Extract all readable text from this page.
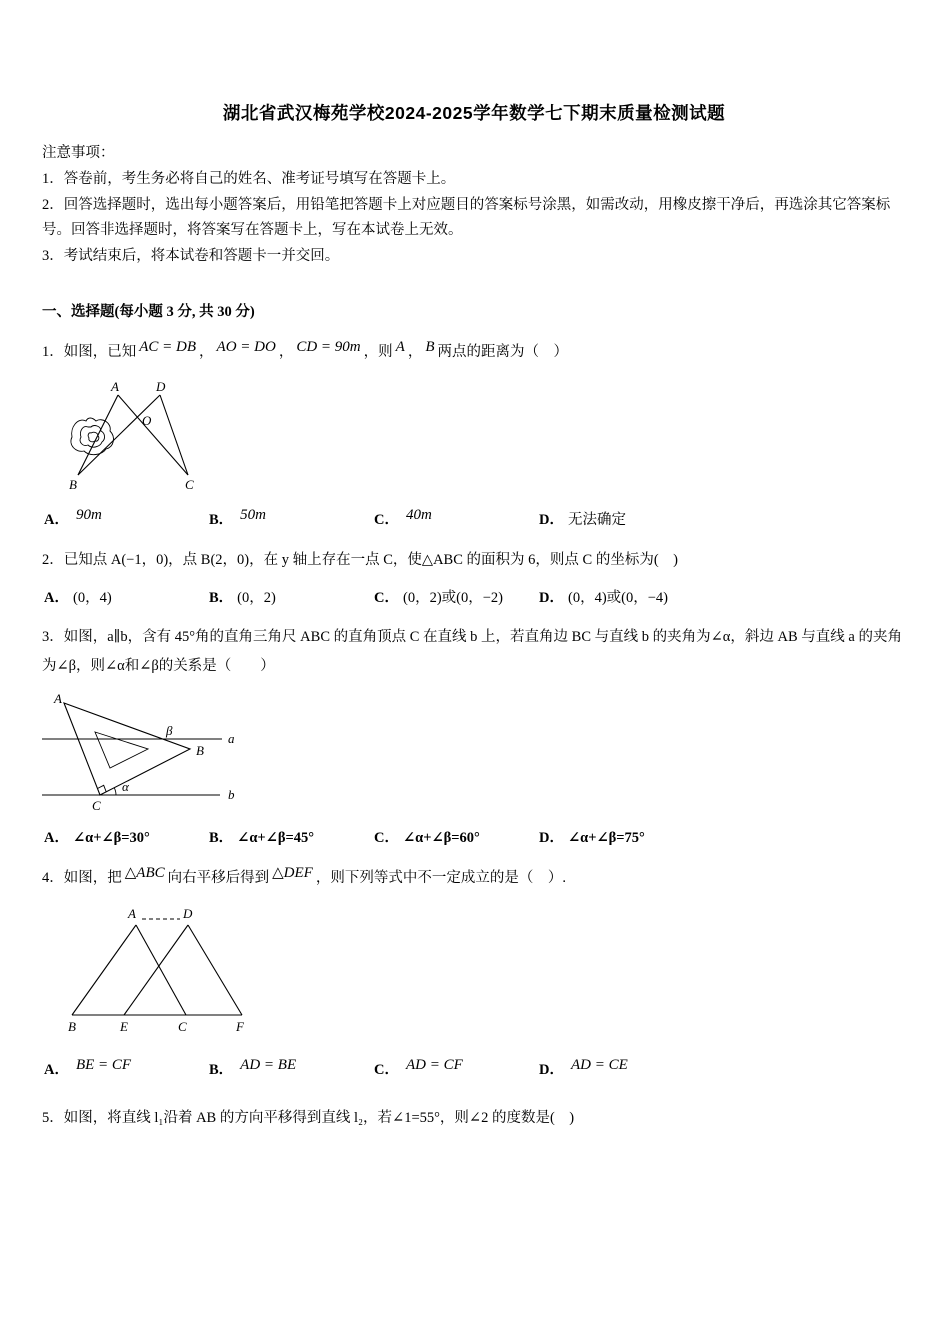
湖北省武汉梅苑学校2024-2025学年数学七下期末质量检测试题
注意事项：

1．答卷前，考生务必将自己的姓名、准考证号填写在答题卡上。

2．回答选择题时，选出每小题答案后，用铅笔把答题卡上对应题目的答案标号涂黑，如需改动，用橡皮擦干净后，再选涂其它答案标号。回答非选择题时，将答案写在答题卡上，写在本试卷上无效。

3．考试结束后，将本试卷和答题卡一并交回。

一、选择题(每小题 3 分, 共 30 分)
1．如图，已知 AC = DB ， AO = DO ， CD = 90m ，则 A ， B 两点的距离为（　）
A	D
O
B	C
A． 90m	B． 50m	C． 40m	D． 无法确定
2．已知点 A(−1，0)，点 B(2，0)，在 y 轴上存在一点 C，使△ABC 的面积为 6，则点 C 的坐标为(　)
A． (0，4)	B． (0，2)	C． (0，2)或(0，−2)	D． (0，4)或(0，−4)
3．如图，a∥b，含有 45°角的直角三角尺 ABC 的直角顶点 C 在直线 b 上，若直角边 BC 与直线 b 的夹角为∠α，斜边 AB 与直线 a 的夹角为∠β，则∠α和∠β的关系是（　　）
A
β
B
α
C
a
b
A． ∠α+∠β=30°	B． ∠α+∠β=45°	C． ∠α+∠β=60°	D． ∠α+∠β=75°
4．如图，把 △ABC 向右平移后得到 △DEF ，则下列等式中不一定成立的是（　）.
A	D
B	E	C	F
A． BE = CF	B． AD = BE	C． AD = CF	D． AD = CE
5．如图，将直线 l₁沿着 AB 的方向平移得到直线 l₂，若∠1=55°，则∠2 的度数是(　)
